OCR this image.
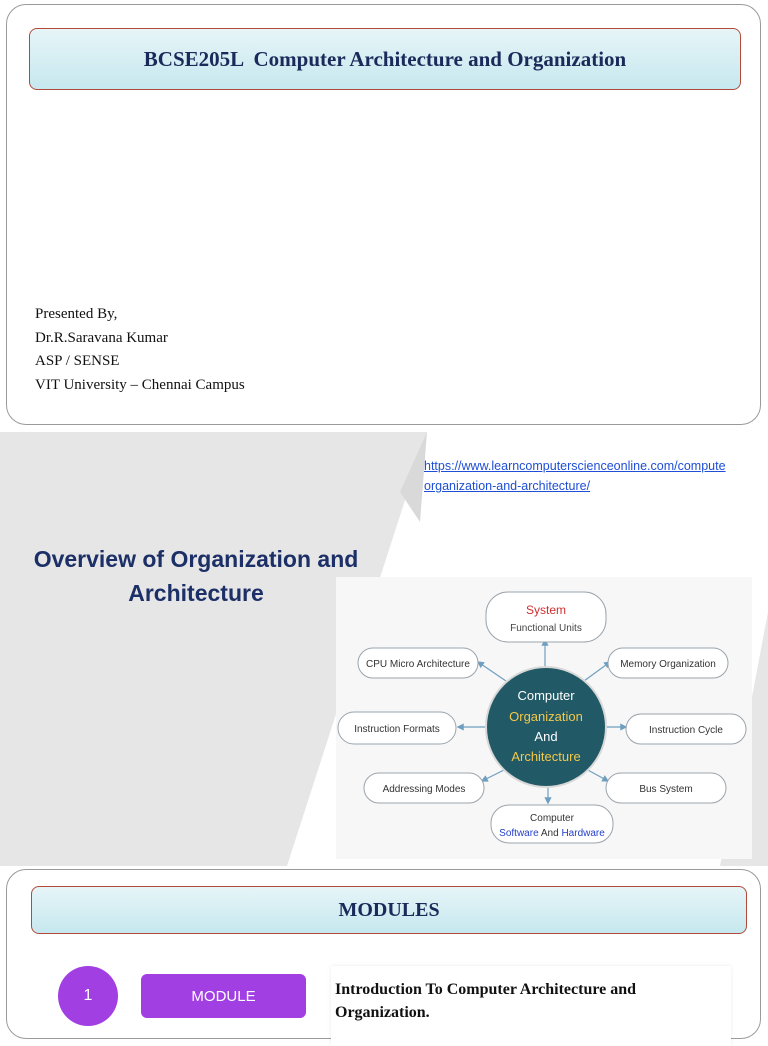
BCSE205L  Computer Architecture and Organization
Presented By,
Dr.R.Saravana Kumar
ASP / SENSE
VIT University – Chennai Campus
Overview of Organization and
Architecture
https://www.learncomputerscienceonline.com/compute
organization-and-architecture/
Computer
Organization
And
Architecture
System
Functional Units
CPU Micro Architecture	Memory Organization
Instruction Formats	Instruction Cycle
Addressing Modes	Bus System
Computer
Software And Hardware
MODULES
1	MODULE	Introduction To Computer Architecture and
Organization.
